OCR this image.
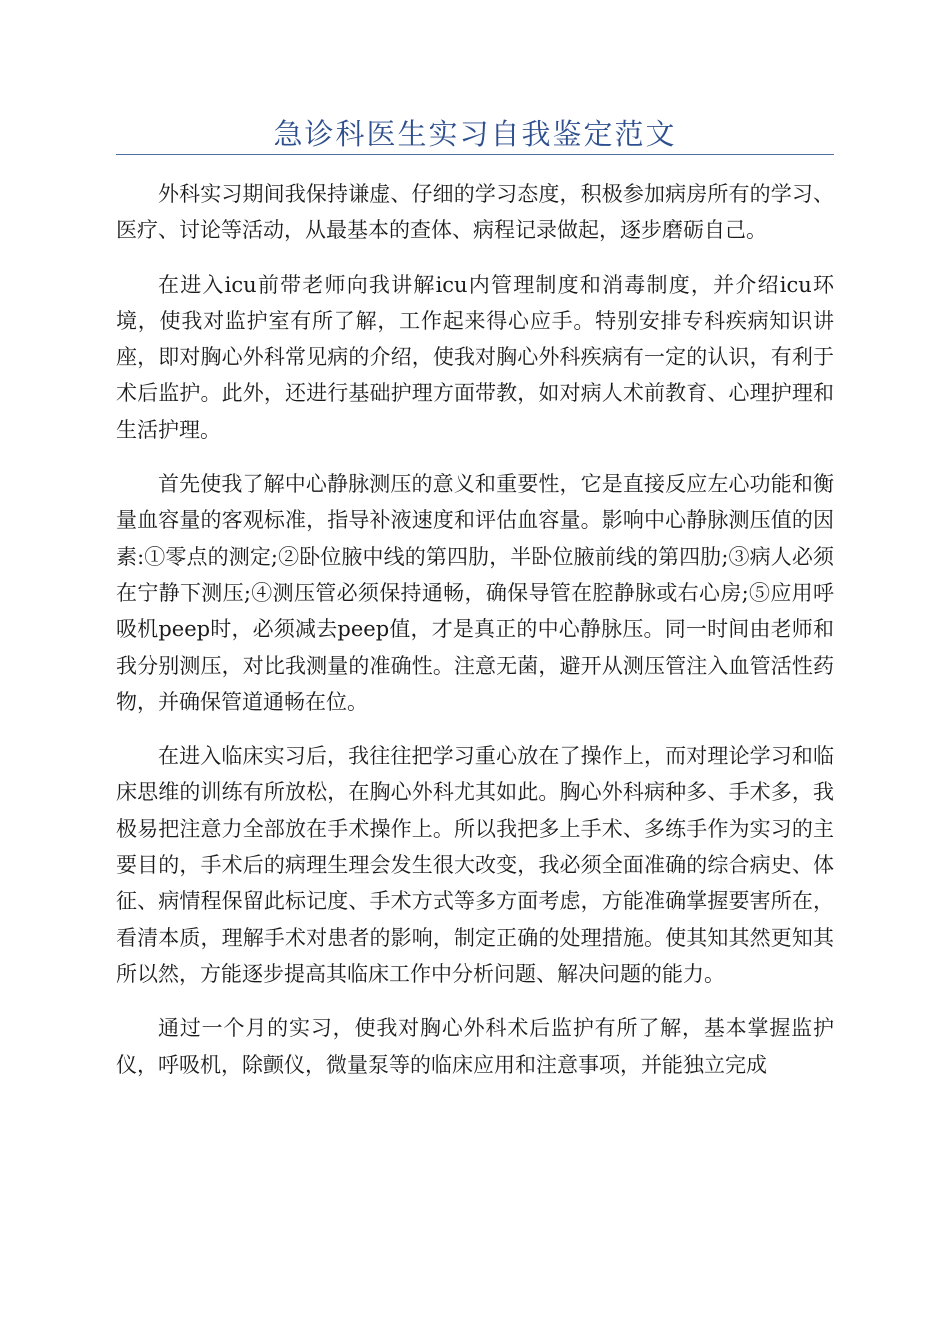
急诊科医生实习自我鉴定范文

外科实习期间我保持谦虚、仔细的学习态度，积极参加病房所有的学习、医疗、讨论等活动，从最基本的查体、病程记录做起，逐步磨砺自己。

在进入icu前带老师向我讲解icu内管理制度和消毒制度，并介绍icu环境，使我对监护室有所了解，工作起来得心应手。特别安排专科疾病知识讲座，即对胸心外科常见病的介绍，使我对胸心外科疾病有一定的认识，有利于术后监护。此外，还进行基础护理方面带教，如对病人术前教育、心理护理和生活护理。

首先使我了解中心静脉测压的意义和重要性，它是直接反应左心功能和衡量血容量的客观标准，指导补液速度和评估血容量。影响中心静脉测压值的因素:①零点的测定;②卧位腋中线的第四肋，半卧位腋前线的第四肋;③病人必须在宁静下测压;④测压管必须保持通畅，确保导管在腔静脉或右心房;⑤应用呼吸机peep时，必须减去peep值，才是真正的中心静脉压。同一时间由老师和我分别测压，对比我测量的准确性。注意无菌，避开从测压管注入血管活性药物，并确保管道通畅在位。

在进入临床实习后，我往往把学习重心放在了操作上，而对理论学习和临床思维的训练有所放松，在胸心外科尤其如此。胸心外科病种多、手术多，我极易把注意力全部放在手术操作上。所以我把多上手术、多练手作为实习的主要目的，手术后的病理生理会发生很大改变，我必须全面准确的综合病史、体征、病情程保留此标记度、手术方式等多方面考虑，方能准确掌握要害所在，看清本质，理解手术对患者的影响，制定正确的处理措施。使其知其然更知其所以然，方能逐步提高其临床工作中分析问题、解决问题的能力。

通过一个月的实习，使我对胸心外科术后监护有所了解，基本掌握监护仪，呼吸机，除颤仪，微量泵等的临床应用和注意事项，并能独立完成
